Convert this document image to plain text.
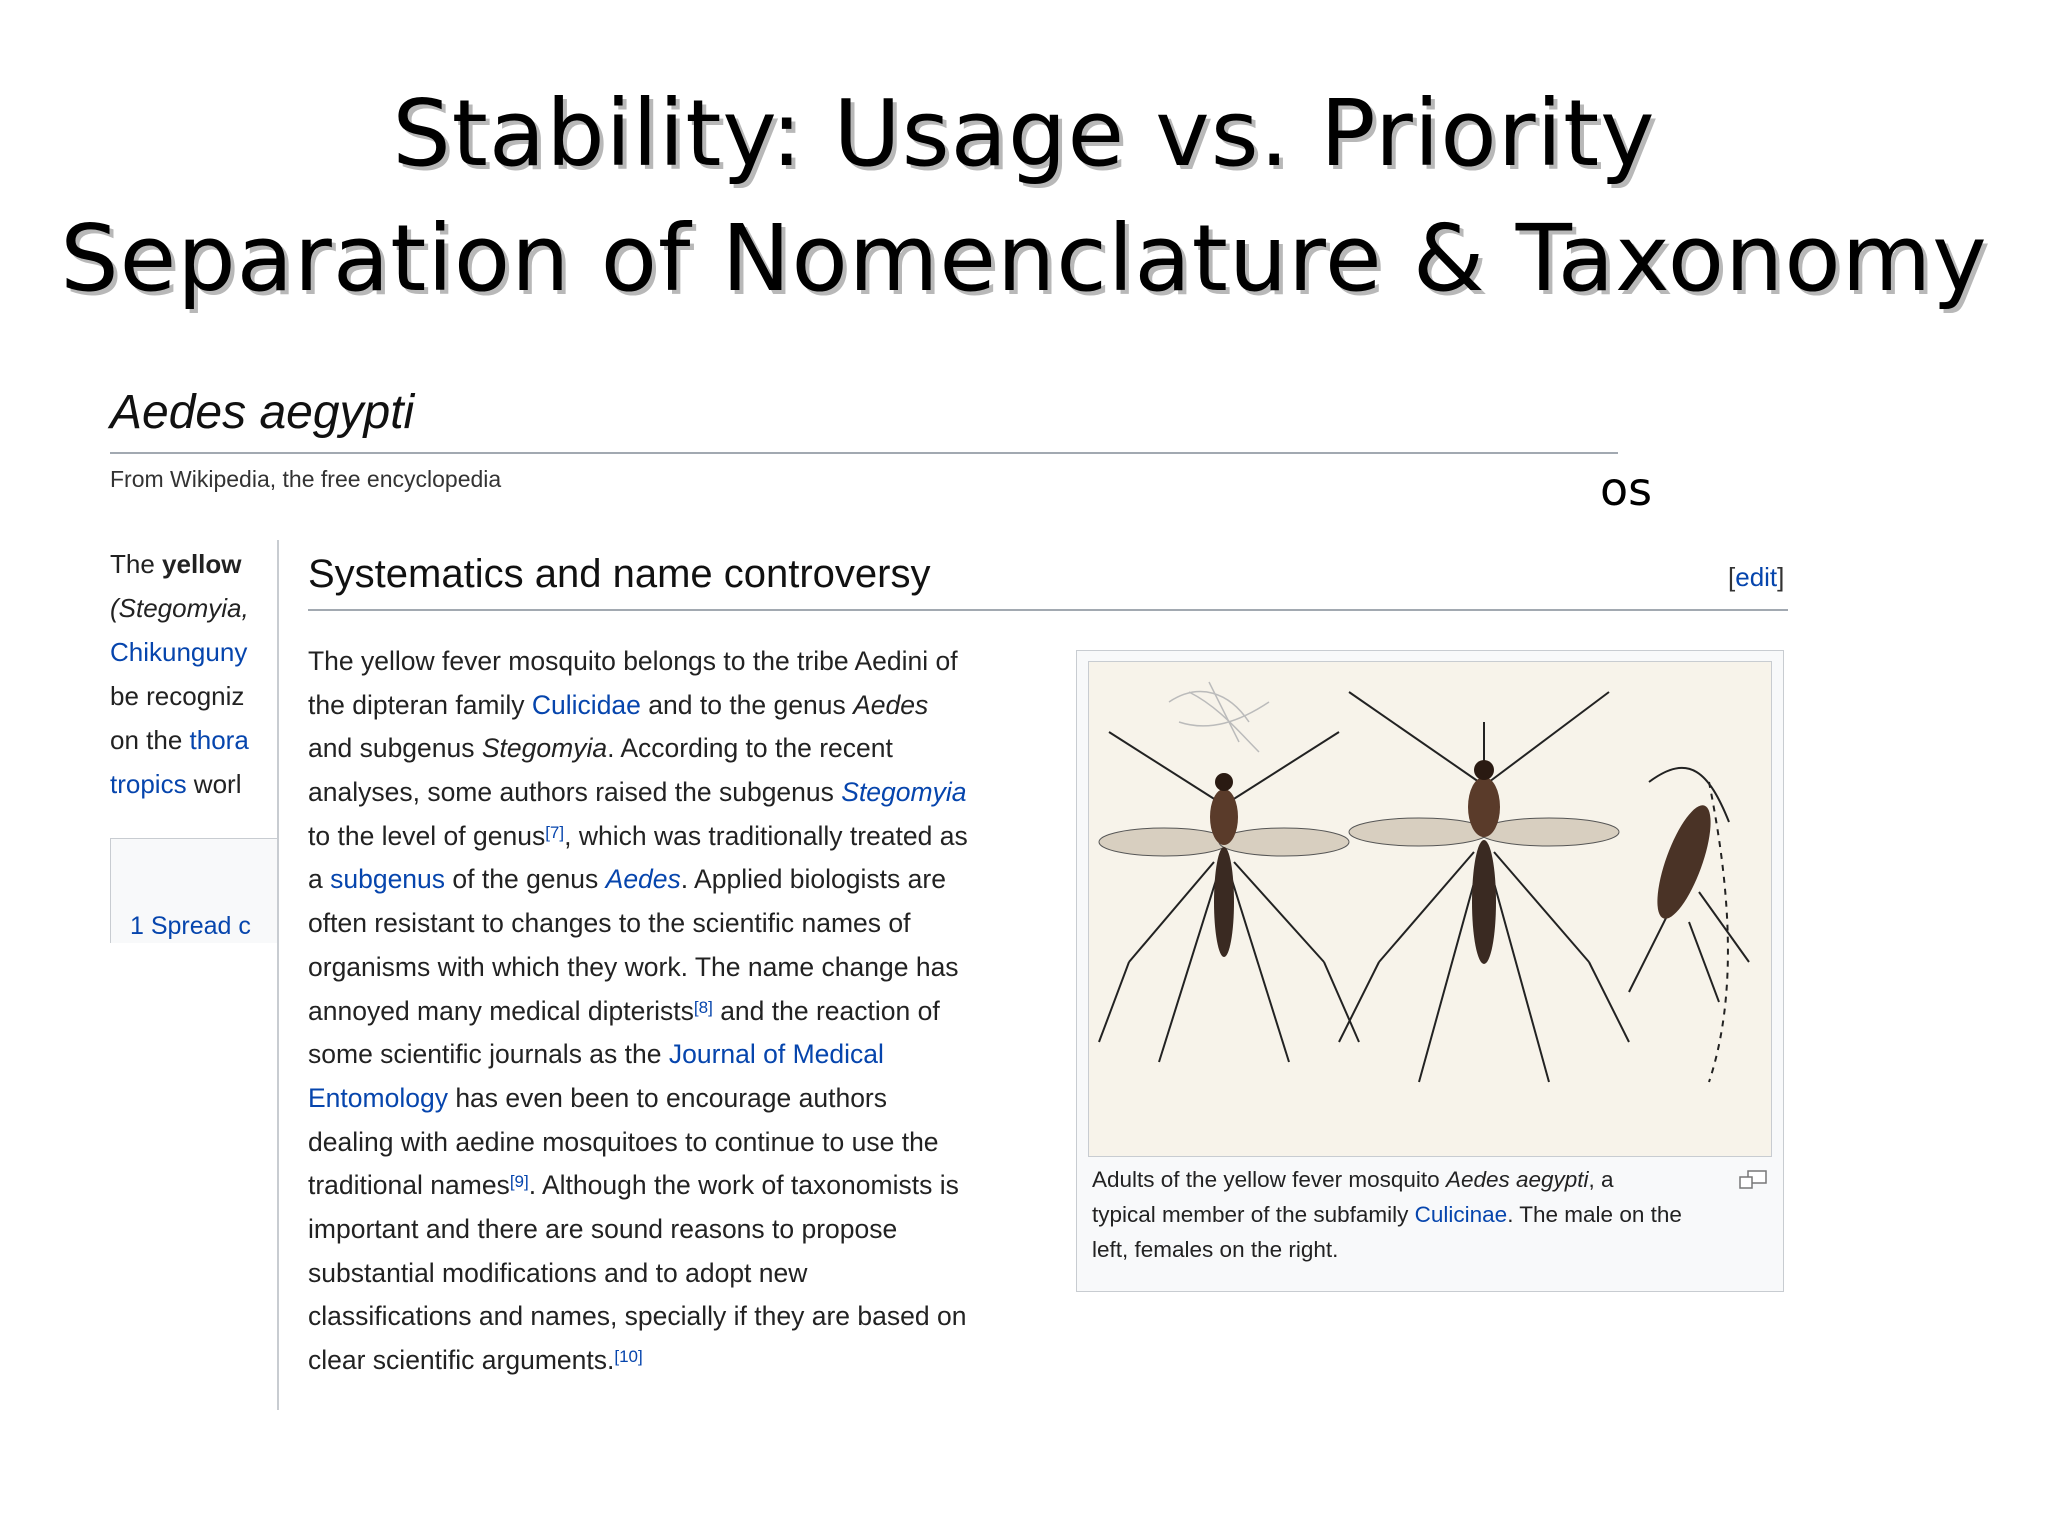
Stability: Usage vs. Priority
Separation of Nomenclature & Taxonomy
Aedes aegypti
From Wikipedia, the free encyclopedia	os
The yellow
(Stegomyia,
Chikunguny
be recogniz
on the thora
tropics worl
1 Spread c
Systematics and name controversy	[edit]
The yellow fever mosquito belongs to the tribe Aedini of
the dipteran family Culicidae and to the genus Aedes
and subgenus Stegomyia. According to the recent
analyses, some authors raised the subgenus Stegomyia
to the level of genus[7], which was traditionally treated as
a subgenus of the genus Aedes. Applied biologists are
often resistant to changes to the scientific names of
organisms with which they work. The name change has
annoyed many medical dipterists[8] and the reaction of
some scientific journals as the Journal of Medical
Entomology has even been to encourage authors
dealing with aedine mosquitoes to continue to use the
traditional names[9]. Although the work of taxonomists is
important and there are sound reasons to propose
substantial modifications and to adopt new
classifications and names, specially if they are based on
clear scientific arguments.[10]
Adults of the yellow fever mosquito Aedes aegypti, a
typical member of the subfamily Culicinae. The male on the
left, females on the right.
